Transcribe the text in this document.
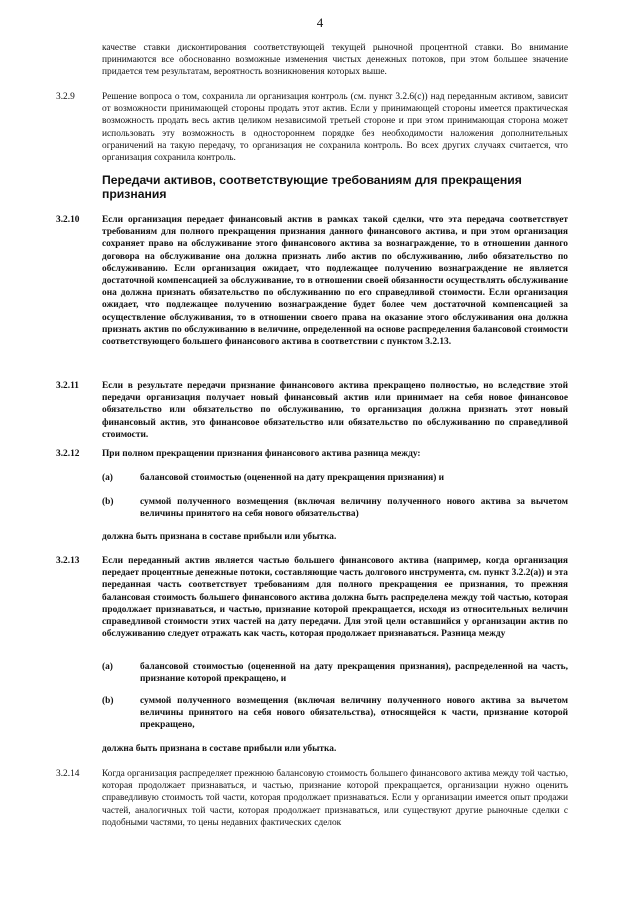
4
качестве ставки дисконтирования соответствующей текущей рыночной процентной ставки. Во внимание принимаются все обоснованно возможные изменения чистых денежных потоков, при этом большее значение придается тем результатам, вероятность возникновения которых выше.
3.2.9	Решение вопроса о том, сохранила ли организация контроль (см. пункт 3.2.6(с)) над переданным активом, зависит от возможности принимающей стороны продать этот актив. Если у принимающей стороны имеется практическая возможность продать весь актив целиком независимой третьей стороне и при этом принимающая сторона может использовать эту возможность в одностороннем порядке без необходимости наложения дополнительных ограничений на такую передачу, то организация не сохранила контроль. Во всех других случаях считается, что организация сохранила контроль.
Передачи активов, соответствующие требованиям для прекращения признания
3.2.10	Если организация передает финансовый актив в рамках такой сделки, что эта передача соответствует требованиям для полного прекращения признания данного финансового актива, и при этом организация сохраняет право на обслуживание этого финансового актива за вознаграждение, то в отношении данного договора на обслуживание она должна признать либо актив по обслуживанию, либо обязательство по обслуживанию. Если организация ожидает, что подлежащее получению вознаграждение не является достаточной компенсацией за обслуживание, то в отношении своей обязанности осуществлять обслуживание она должна признать обязательство по обслуживанию по его справедливой стоимости. Если организация ожидает, что подлежащее получению вознаграждение будет более чем достаточной компенсацией за осуществление обслуживания, то в отношении своего права на оказание этого обслуживания она должна признать актив по обслуживанию в величине, определенной на основе распределения балансовой стоимости соответствующего большего финансового актива в соответствии с пунктом 3.2.13.
3.2.11	Если в результате передачи признание финансового актива прекращено полностью, но вследствие этой передачи организация получает новый финансовый актив или принимает на себя новое финансовое обязательство или обязательство по обслуживанию, то организация должна признать этот новый финансовый актив, это финансовое обязательство или обязательство по обслуживанию по справедливой стоимости.
3.2.12	При полном прекращении признания финансового актива разница между:
(a)	балансовой стоимостью (оцененной на дату прекращения признания) и
(b)	суммой полученного возмещения (включая величину полученного нового актива за вычетом величины принятого на себя нового обязательства)
должна быть признана в составе прибыли или убытка.
3.2.13	Если переданный актив является частью большего финансового актива (например, когда организация передает процентные денежные потоки, составляющие часть долгового инструмента, см. пункт 3.2.2(a)) и эта переданная часть соответствует требованиям для полного прекращения ее признания, то прежняя балансовая стоимость большего финансового актива должна быть распределена между той частью, которая продолжает признаваться, и частью, признание которой прекращается, исходя из относительных величин справедливой стоимости этих частей на дату передачи. Для этой цели оставшийся у организации актив по обслуживанию следует отражать как часть, которая продолжает признаваться. Разница между
(a)	балансовой стоимостью (оцененной на дату прекращения признания), распределенной на часть, признание которой прекращено, и
(b)	суммой полученного возмещения (включая величину полученного нового актива за вычетом величины принятого на себя нового обязательства), относящейся к части, признание которой прекращено,
должна быть признана в составе прибыли или убытка.
3.2.14	Когда организация распределяет прежнюю балансовую стоимость большего финансового актива между той частью, которая продолжает признаваться, и частью, признание которой прекращается, организации нужно оценить справедливую стоимость той части, которая продолжает признаваться. Если у организации имеется опыт продажи частей, аналогичных той части, которая продолжает признаваться, или существуют другие рыночные сделки с подобными частями, то цены недавних фактических сделок
